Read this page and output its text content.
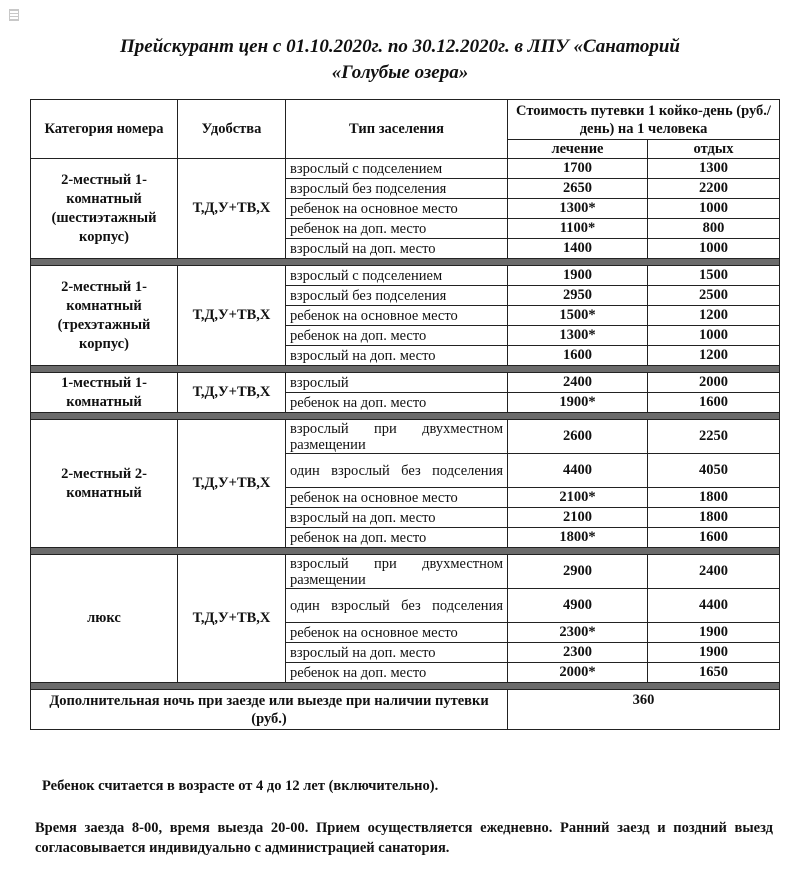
Прейскурант цен с 01.10.2020г. по 30.12.2020г. в ЛПУ «Санаторий
«Голубые озера»
Категория номера	Удобства	Тип заселения	Стоимость путевки 1 койко-день (руб./день) на 1 человека	
			лечение	отдых
2-местный 1-комнатный (шестиэтажный корпус)	Т,Д,У+ТВ,Х	взрослый с подселением	1700	1300
		взрослый без подселения	2650	2200
		ребенок на основное место	1300*	1000
		ребенок на доп. место	1100*	800
		взрослый на доп. место	1400	1000

2-местный 1-комнатный (трехэтажный корпус)	Т,Д,У+ТВ,Х	взрослый с подселением	1900	1500
		взрослый без подселения	2950	2500
		ребенок на основное место	1500*	1200
		ребенок на доп. место	1300*	1000
		взрослый на доп. место	1600	1200

1-местный 1-комнатный	Т,Д,У+ТВ,Х	взрослый	2400	2000
		ребенок на доп. место	1900*	1600

2-местный 2-комнатный	Т,Д,У+ТВ,Х	взрослый при двухместном размещении	2600	2250
		один взрослый без подселения	4400	4050
		ребенок на основное место	2100*	1800
		взрослый на доп. место	2100	1800
		ребенок на доп. место	1800*	1600

люкс	Т,Д,У+ТВ,Х	взрослый при двухместном размещении	2900	2400
		один взрослый без подселения	4900	4400
		ребенок на основное место	2300*	1900
		взрослый на доп. место	2300	1900
		ребенок на доп. место	2000*	1650

Дополнительная ночь при заезде или выезде при наличии путевки (руб.)			360	
Ребенок считается в возрасте от 4 до 12 лет (включительно).
Время заезда 8-00, время выезда 20-00. Прием осуществляется ежедневно. Ранний заезд и поздний выезд согласовывается индивидуально с администрацией санатория.
